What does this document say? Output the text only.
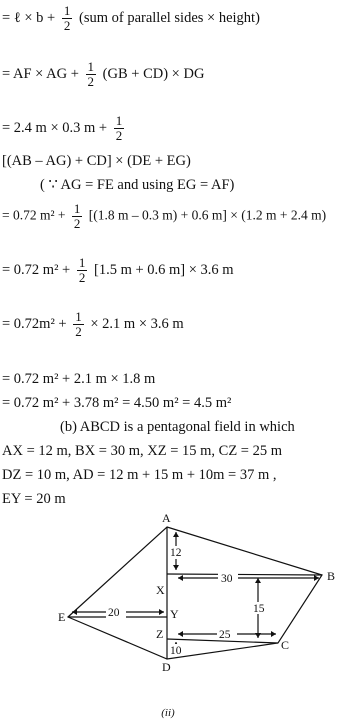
= ℓ × $b + \frac{1}{2} (sum$ of parallel sides × height)
= AF × AG + $\frac{1}{2} (GB + CD)$ × DG
= 2.4 m × 0.3 $m + \frac{1}{2}$
[(AB – AG) + CD] × (DE + EG)
( ∵ AG = FE and using EG = AF)
= 0.72 $m^2 + \frac{1}{2} [(1.8$ m – 0.3 m) + 0.6 m] × (1.2 m + 2.4 m)
= 0.72 $m^2 + \frac{1}{2} [1.5$ m + 0.6 m] × 3.6 m
= $0.72m^2 + \frac{1}{2} \times 2.1$ m × 3.6 m
= 0.72 m² + 2.1 m × 1.8 m
= 0.72 m² + 3.78 m² = 4.50 m² = 4.5 m²
(b) ABCD is a pentagonal field in which
AX = 12 m, BX = 30 m, XZ = 15 m, CZ = 25 m
DZ = 10 m, AD = 12 m + 15 m + 10m = 37 m ,
EY = 20 m
12
30
15
25
10
20
A
B
C
D
E
X
Y
Z
(ii)
